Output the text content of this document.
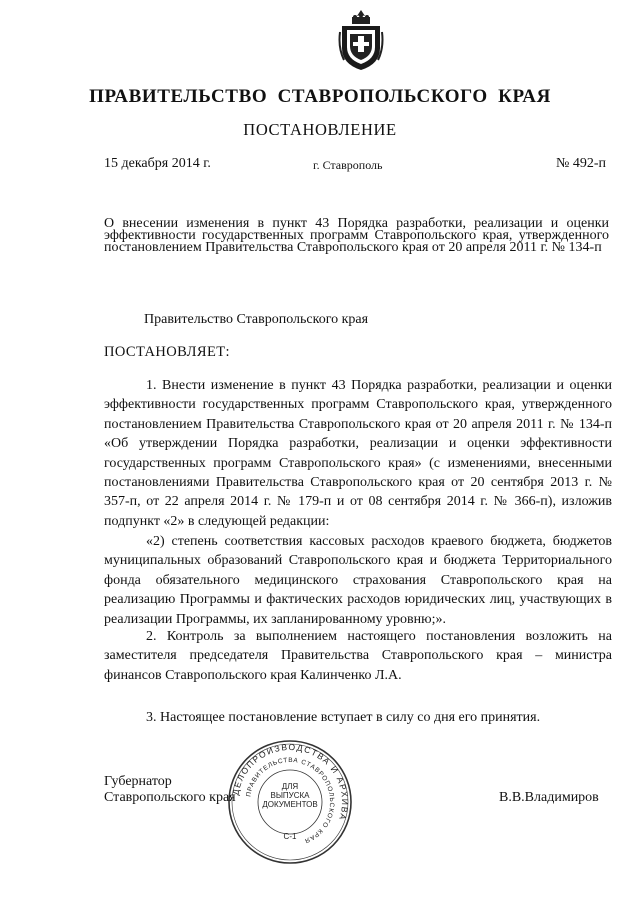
ПРАВИТЕЛЬСТВО СТАВРОПОЛЬСКОГО КРАЯ
ПОСТАНОВЛЕНИЕ
15 декабря 2014 г.	г. Ставрополь	№ 492-п
О внесении изменения в пункт 43 Порядка разработки, реализации и оценки эффективности государственных программ Ставропольского края, утвержденного постановлением Правительства Ставропольского края от 20 апреля 2011 г. № 134-п
Правительство Ставропольского края
ПОСТАНОВЛЯЕТ:
1. Внести изменение в пункт 43 Порядка разработки, реализации и оценки эффективности государственных программ Ставропольского края, утвержденного постановлением Правительства Ставропольского края от 20 апреля 2011 г. № 134-п «Об утверждении Порядка разработки, реализации и оценки эффективности государственных программ Ставропольского края» (с изменениями, внесенными постановлениями Правительства Ставропольского края от 20 сентября 2013 г. № 357-п, от 22 апреля 2014 г. № 179-п и от 08 сентября 2014 г. № 366-п), изложив подпункт «2» в следующей редакции:
«2) степень соответствия кассовых расходов краевого бюджета, бюджетов муниципальных образований Ставропольского края и бюджета Территориального фонда обязательного медицинского страхования Ставропольского края на реализацию Программы и фактических расходов юридических лиц, участвующих в реализации Программы, их запланированному уровню;».
2. Контроль за выполнением настоящего постановления возложить на заместителя председателя Правительства Ставропольского края – министра финансов Ставропольского края Калинченко Л.А.
3. Настоящее постановление вступает в силу со дня его принятия.
ДЕЛОПРОИЗВОДСТВА И АРХИВА
ПРАВИТЕЛЬСТВА СТАВРОПОЛЬСКОГО КРАЯ
ДЛЯ
ВЫПУСКА
ДОКУМЕНТОВ
С-1
Губернатор
Ставропольского края	В.В.Владимиров
